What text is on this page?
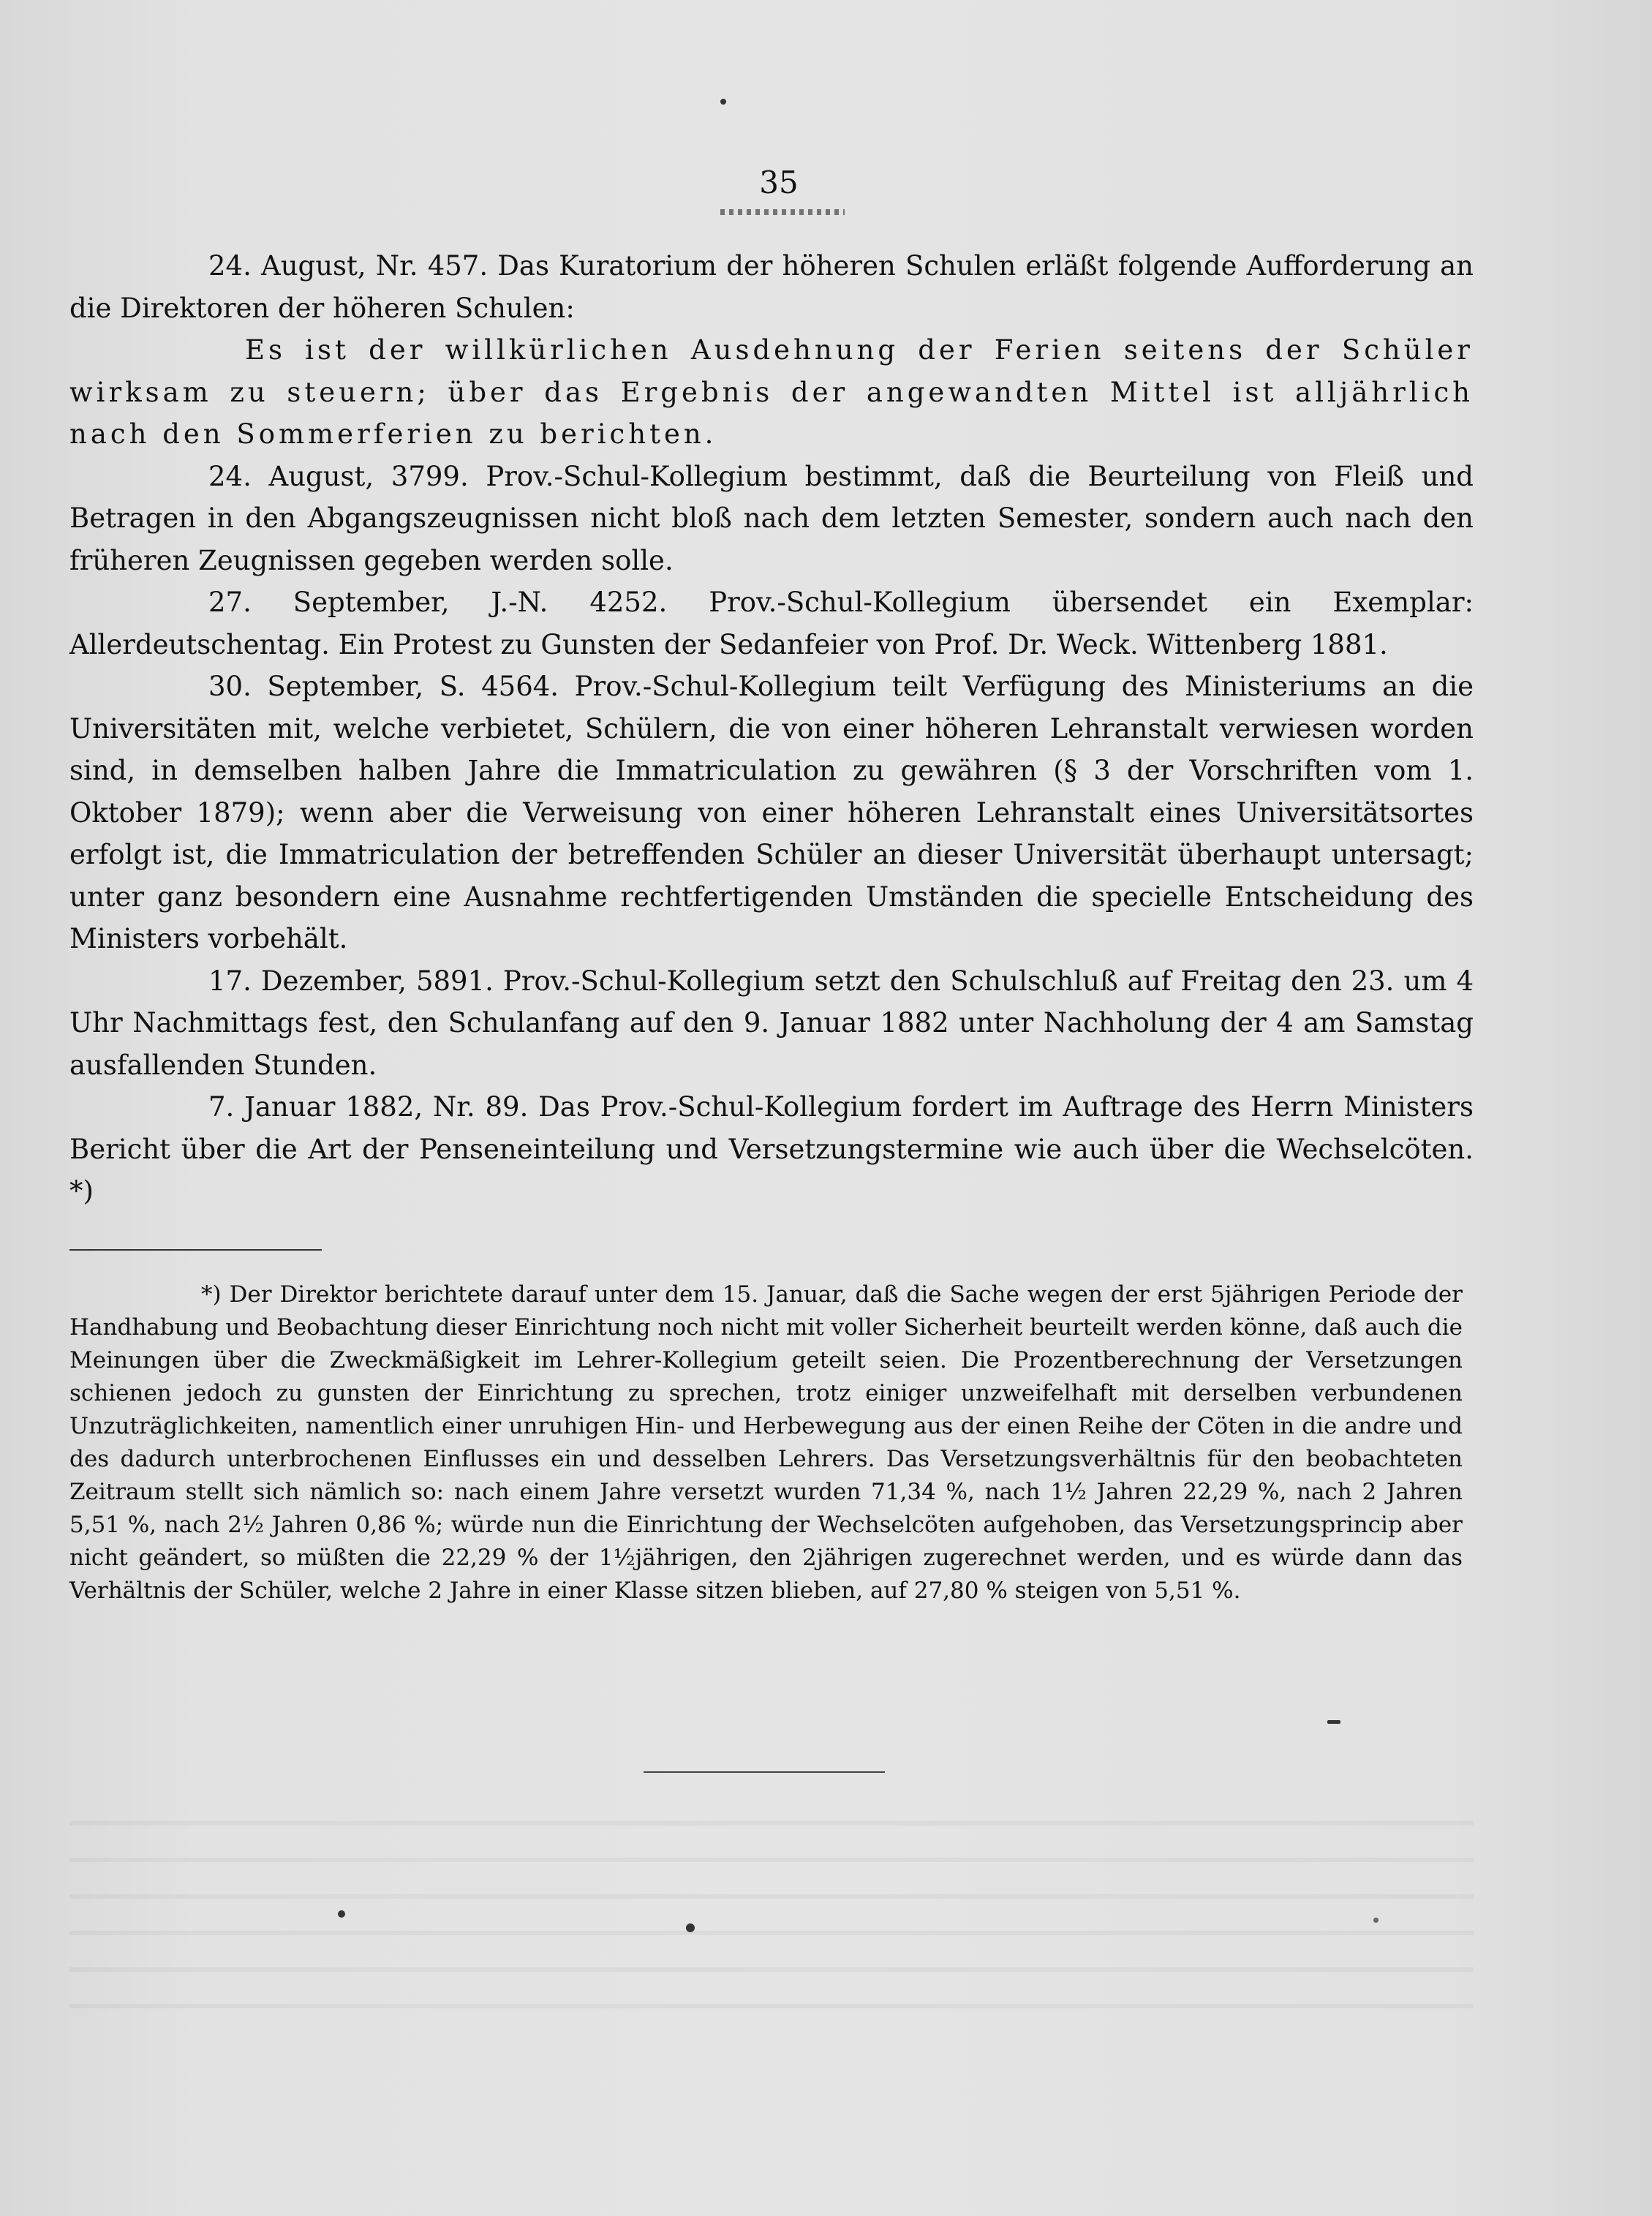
35

24. August, Nr. 457. Das Kuratorium der höheren Schulen erläßt folgende Aufforderung an die Direktoren der höheren Schulen:

Es ist der willkürlichen Ausdehnung der Ferien seitens der Schüler wirksam zu steuern; über das Ergebnis der angewandten Mittel ist alljährlich nach den Sommerferien zu berichten.

24. August, 3799. Prov.-Schul-Kollegium bestimmt, daß die Beurteilung von Fleiß und Betragen in den Abgangszeugnissen nicht bloß nach dem letzten Semester, sondern auch nach den früheren Zeugnissen gegeben werden solle.

27. September, J.-N. 4252. Prov.-Schul-Kollegium übersendet ein Exemplar: Allerdeutschentag. Ein Protest zu Gunsten der Sedanfeier von Prof. Dr. Weck. Wittenberg 1881.

30. September, S. 4564. Prov.-Schul-Kollegium teilt Verfügung des Ministeriums an die Universitäten mit, welche verbietet, Schülern, die von einer höheren Lehranstalt verwiesen worden sind, in demselben halben Jahre die Immatriculation zu gewähren (§ 3 der Vorschriften vom 1. Oktober 1879); wenn aber die Verweisung von einer höheren Lehranstalt eines Universitätsortes erfolgt ist, die Immatriculation der betreffenden Schüler an dieser Universität überhaupt untersagt; unter ganz besondern eine Ausnahme rechtfertigenden Umständen die specielle Entscheidung des Ministers vorbehält.

17. Dezember, 5891. Prov.-Schul-Kollegium setzt den Schulschluß auf Freitag den 23. um 4 Uhr Nachmittags fest, den Schulanfang auf den 9. Januar 1882 unter Nachholung der 4 am Samstag ausfallenden Stunden.

7. Januar 1882, Nr. 89. Das Prov.-Schul-Kollegium fordert im Auftrage des Herrn Ministers Bericht über die Art der Penseneinteilung und Versetzungstermine wie auch über die Wechselcöten. *)

*) Der Direktor berichtete darauf unter dem 15. Januar, daß die Sache wegen der erst 5jährigen Periode der Handhabung und Beobachtung dieser Einrichtung noch nicht mit voller Sicherheit beurteilt werden könne, daß auch die Meinungen über die Zweckmäßigkeit im Lehrer-Kollegium geteilt seien. Die Prozentberechnung der Versetzungen schienen jedoch zu gunsten der Einrichtung zu sprechen, trotz einiger unzweifelhaft mit derselben verbundenen Unzuträglichkeiten, namentlich einer unruhigen Hin- und Herbewegung aus der einen Reihe der Cöten in die andre und des dadurch unterbrochenen Einflusses ein und desselben Lehrers. Das Versetzungsverhältnis für den beobachteten Zeitraum stellt sich nämlich so: nach einem Jahre versetzt wurden 71,34 %, nach 1½ Jahren 22,29 %, nach 2 Jahren 5,51 %, nach 2½ Jahren 0,86 %; würde nun die Einrichtung der Wechselcöten aufgehoben, das Versetzungsprincip aber nicht geändert, so müßten die 22,29 % der 1½jährigen, den 2jährigen zugerechnet werden, und es würde dann das Verhältnis der Schüler, welche 2 Jahre in einer Klasse sitzen blieben, auf 27,80 % steigen von 5,51 %.
